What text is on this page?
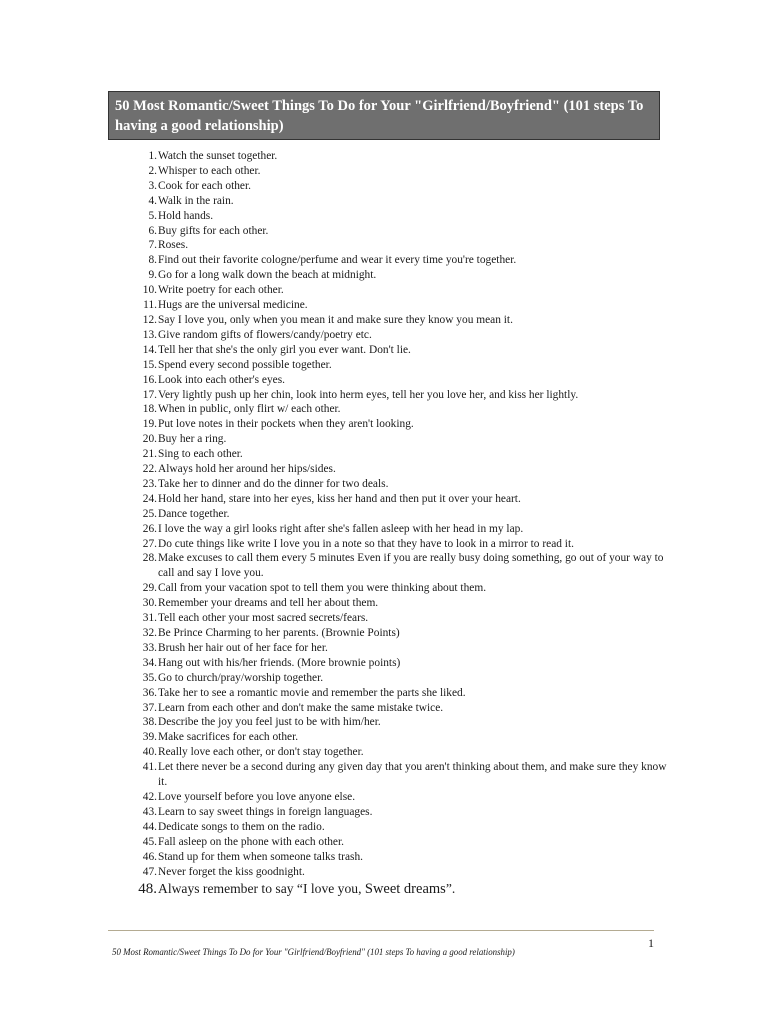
50 Most Romantic/Sweet Things To Do for Your "Girlfriend/Boyfriend" (101 steps To having a good relationship)
1. Watch the sunset together.
2. Whisper to each other.
3. Cook for each other.
4. Walk in the rain.
5. Hold hands.
6. Buy gifts for each other.
7. Roses.
8. Find out their favorite cologne/perfume and wear it every time you're together.
9. Go for a long walk down the beach at midnight.
10. Write poetry for each other.
11. Hugs are the universal medicine.
12. Say I love you, only when you mean it and make sure they know you mean it.
13. Give random gifts of flowers/candy/poetry etc.
14. Tell her that she's the only girl you ever want. Don't lie.
15. Spend every second possible together.
16. Look into each other's eyes.
17. Very lightly push up her chin, look into herm eyes, tell her you love her, and kiss her lightly.
18. When in public, only flirt w/ each other.
19. Put love notes in their pockets when they aren't looking.
20. Buy her a ring.
21. Sing to each other.
22. Always hold her around her hips/sides.
23. Take her to dinner and do the dinner for two deals.
24. Hold her hand, stare into her eyes, kiss her hand and then put it over your heart.
25. Dance together.
26. I love the way a girl looks right after she's fallen asleep with her head in my lap.
27. Do cute things like write I love you in a note so that they have to look in a mirror to read it.
28. Make excuses to call them every 5 minutes Even if you are really busy doing something, go out of your way to call and say I love you.
29. Call from your vacation spot to tell them you were thinking about them.
30. Remember your dreams and tell her about them.
31. Tell each other your most sacred secrets/fears.
32. Be Prince Charming to her parents. (Brownie Points)
33. Brush her hair out of her face for her.
34. Hang out with his/her friends. (More brownie points)
35. Go to church/pray/worship together.
36. Take her to see a romantic movie and remember the parts she liked.
37. Learn from each other and don't make the same mistake twice.
38. Describe the joy you feel just to be with him/her.
39. Make sacrifices for each other.
40. Really love each other, or don't stay together.
41. Let there never be a second during any given day that you aren't thinking about them, and make sure they know it.
42. Love yourself before you love anyone else.
43. Learn to say sweet things in foreign languages.
44. Dedicate songs to them on the radio.
45. Fall asleep on the phone with each other.
46. Stand up for them when someone talks trash.
47. Never forget the kiss goodnight.
48. Always remember to say “I love you, Sweet dreams”.
1
50 Most Romantic/Sweet Things To Do for Your "Girlfriend/Boyfriend" (101 steps To having a good relationship)
